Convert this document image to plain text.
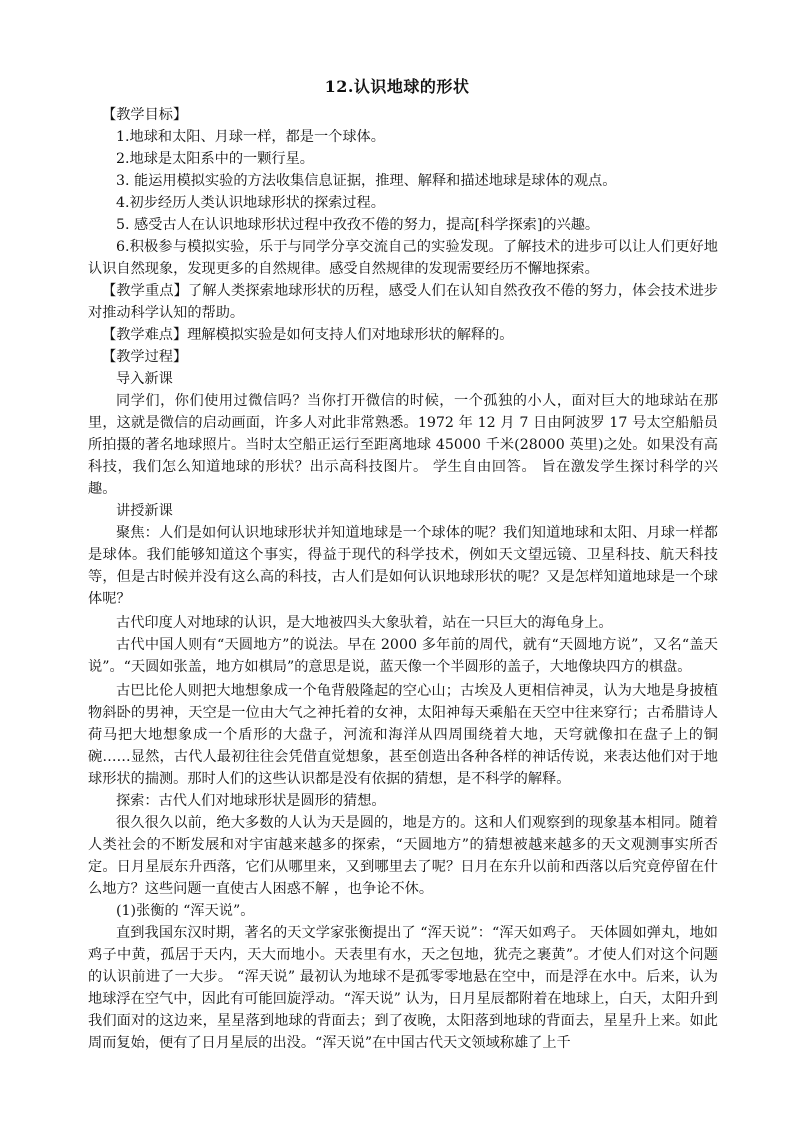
12.认识地球的形状

【教学目标】

1.地球和太阳、月球一样，都是一个球体。

2.地球是太阳系中的一颗行星。

3. 能运用模拟实验的方法收集信息证据，推理、解释和描述地球是球体的观点。

4.初步经历人类认识地球形状的探索过程。

5. 感受古人在认识地球形状过程中孜孜不倦的努力，提高[科学探索]的兴趣。

6.积极参与模拟实验，乐于与同学分享交流自己的实验发现。了解技术的进步可以让人们更好地认识自然现象，发现更多的自然规律。感受自然规律的发现需要经历不懈地探索。

【教学重点】了解人类探索地球形状的历程，感受人们在认知自然孜孜不倦的努力，体会技术进步对推动科学认知的帮助。

【教学难点】理解模拟实验是如何支持人们对地球形状的解释的。

【教学过程】

导入新课

同学们，你们使用过微信吗？当你打开微信的时候，一个孤独的小人，面对巨大的地球站在那里，这就是微信的启动画面，许多人对此非常熟悉。1972 年 12 月 7 日由阿波罗 17 号太空船船员所拍摄的著名地球照片。当时太空船正运行至距离地球 45000 千米(28000 英里)之处。如果没有高科技，我们怎么知道地球的形状？出示高科技图片。 学生自由回答。 旨在激发学生探讨科学的兴趣。

讲授新课

聚焦：人们是如何认识地球形状并知道地球是一个球体的呢？我们知道地球和太阳、月球一样都是球体。我们能够知道这个事实，得益于现代的科学技术，例如天文望远镜、卫星科技、航天科技等，但是古时候并没有这么高的科技，古人们是如何认识地球形状的呢？又是怎样知道地球是一个球体呢？

古代印度人对地球的认识，是大地被四头大象驮着，站在一只巨大的海龟身上。

古代中国人则有“天圆地方”的说法。早在 2000 多年前的周代，就有“天圆地方说”，又名“盖天说”。“天圆如张盖，地方如棋局”的意思是说，蓝天像一个半圆形的盖子，大地像块四方的棋盘。

古巴比伦人则把大地想象成一个龟背般隆起的空心山；古埃及人更相信神灵，认为大地是身披植物斜卧的男神，天空是一位由大气之神托着的女神，太阳神每天乘船在天空中往来穿行；古希腊诗人荷马把大地想象成一个盾形的大盘子，河流和海洋从四周围绕着大地，天穹就像扣在盘子上的铜碗……显然，古代人最初往往会凭借直觉想象，甚至创造出各种各样的神话传说，来表达他们对于地球形状的揣测。那时人们的这些认识都是没有依据的猜想，是不科学的解释。

探索：古代人们对地球形状是圆形的猜想。

很久很久以前，绝大多数的人认为天是圆的，地是方的。这和人们观察到的现象基本相同。随着人类社会的不断发展和对宇宙越来越多的探索，“天圆地方”的猜想被越来越多的天文观测事实所否定。日月星辰东升西落，它们从哪里来，又到哪里去了呢？日月在东升以前和西落以后究竟停留在什么地方？这些问题一直使古人困惑不解 ，也争论不休。

(1)张衡的 “浑天说”。

直到我国东汉时期，著名的天文学家张衡提出了 “浑天说”：“浑天如鸡子。 天体圆如弹丸，地如鸡子中黄，孤居于天内，天大而地小。天表里有水，天之包地，犹壳之裹黄”。才使人们对这个问题的认识前进了一大步。 “浑天说” 最初认为地球不是孤零零地悬在空中，而是浮在水中。后来，认为地球浮在空气中，因此有可能回旋浮动。“浑天说” 认为，日月星辰都附着在地球上，白天，太阳升到我们面对的这边来，星星落到地球的背面去；到了夜晚，太阳落到地球的背面去，星星升上来。如此周而复始，便有了日月星辰的出没。“浑天说”在中国古代天文领域称雄了上千
